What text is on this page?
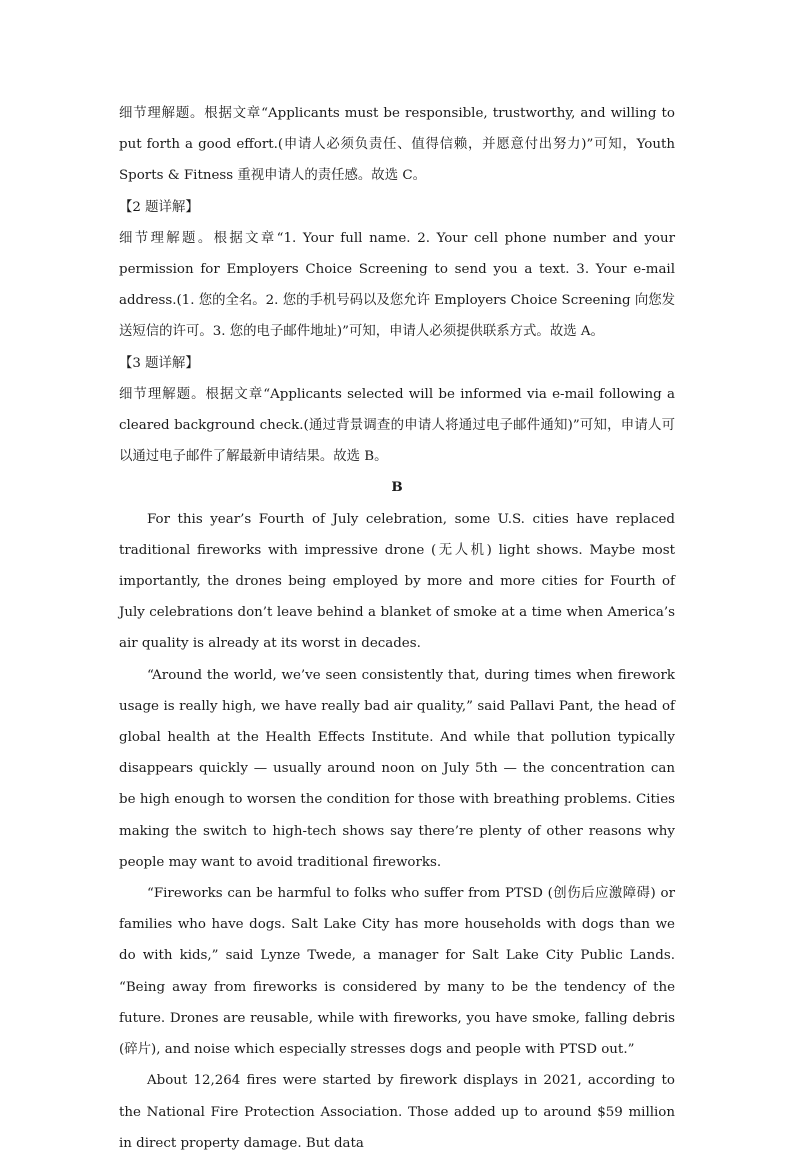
细节理解题。根据文章“Applicants must be responsible, trustworthy, and willing to put forth a good effort.(申请人必须负责任、值得信赖，并愿意付出努力)”可知，Youth Sports & Fitness 重视申请人的责任感。故选 C。

【2 题详解】

细节理解题。根据文章“1. Your full name. 2. Your cell phone number and your permission for Employers Choice Screening to send you a text. 3. Your e-mail address.(1. 您的全名。2. 您的手机号码以及您允许 Employers Choice Screening 向您发送短信的许可。3. 您的电子邮件地址)”可知，申请人必须提供联系方式。故选 A。

【3 题详解】

细节理解题。根据文章“Applicants selected will be informed via e-mail following a cleared background check.(通过背景调查的申请人将通过电子邮件通知)”可知，申请人可以通过电子邮件了解最新申请结果。故选 B。

B

For this year’s Fourth of July celebration, some U.S. cities have replaced traditional fireworks with impressive drone (无人机) light shows. Maybe most importantly, the drones being employed by more and more cities for Fourth of July celebrations don’t leave behind a blanket of smoke at a time when America’s air quality is already at its worst in decades.

“Around the world, we’ve seen consistently that, during times when firework usage is really high, we have really bad air quality,” said Pallavi Pant, the head of global health at the Health Effects Institute. And while that pollution typically disappears quickly — usually around noon on July 5th — the concentration can be high enough to worsen the condition for those with breathing problems. Cities making the switch to high-tech shows say there’re plenty of other reasons why people may want to avoid traditional fireworks.

“Fireworks can be harmful to folks who suffer from PTSD (创伤后应激障碍) or families who have dogs. Salt Lake City has more households with dogs than we do with kids,” said Lynze Twede, a manager for Salt Lake City Public Lands. “Being away from fireworks is considered by many to be the tendency of the future. Drones are reusable, while with fireworks, you have smoke, falling debris (碎片), and noise which especially stresses dogs and people with PTSD out.”

About 12,264 fires were started by firework displays in 2021, according to the National Fire Protection Association. Those added up to around $59 million in direct property damage. But data
